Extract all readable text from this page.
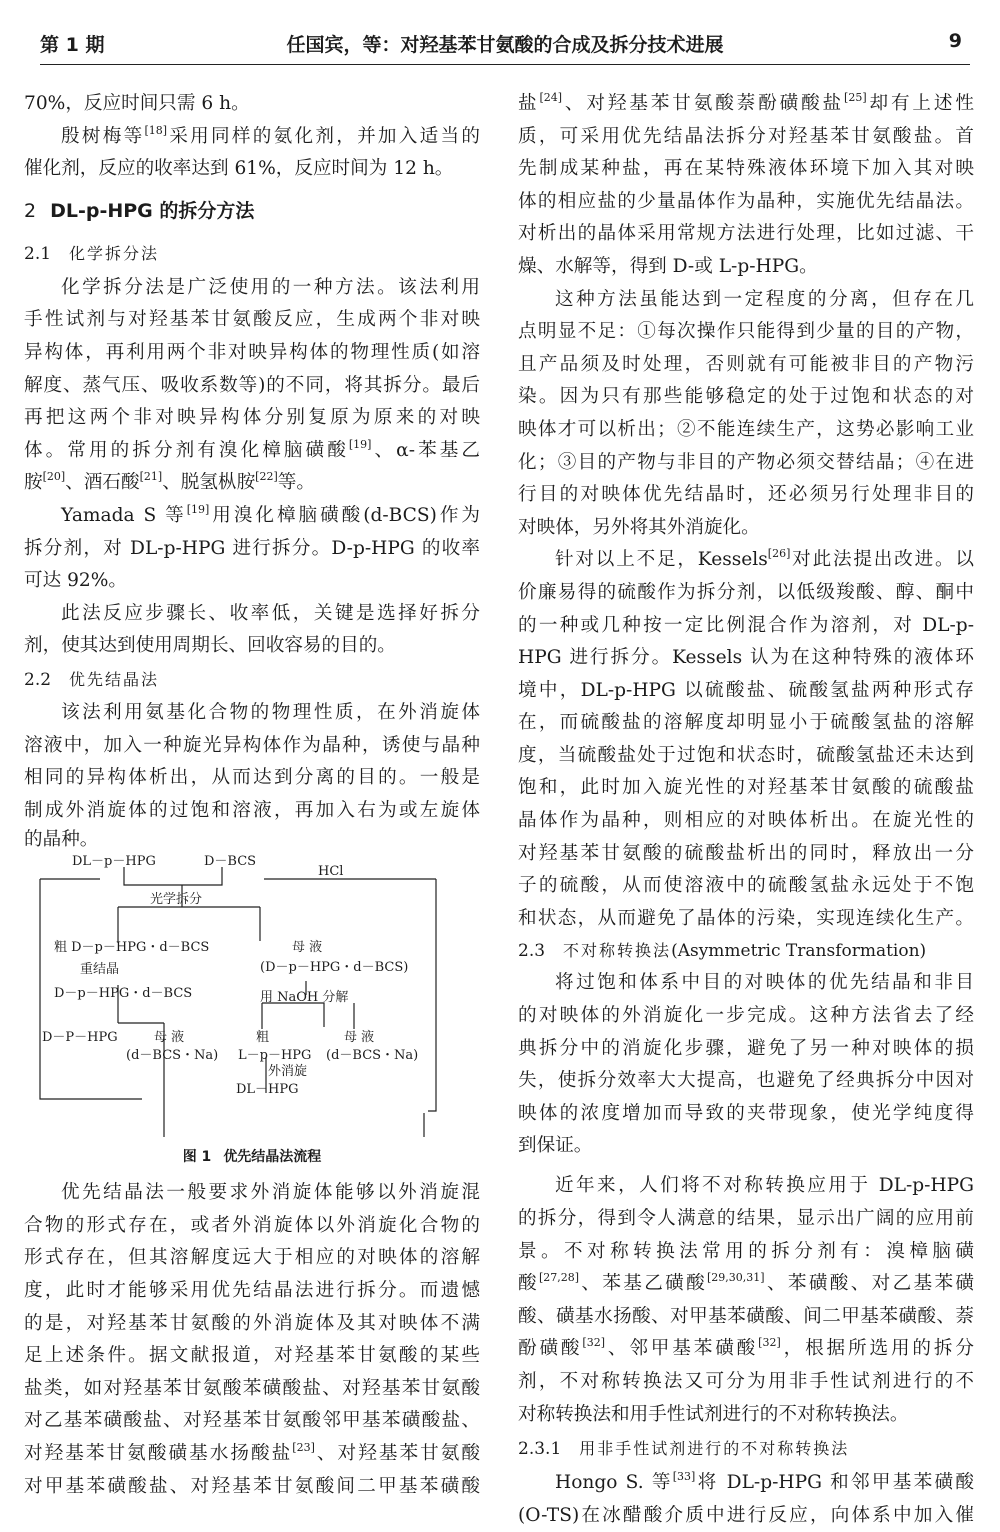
第 1 期	任国宾，等：对羟基苯甘氨酸的合成及拆分技术进展	9
70%，反应时间只需 6 h。
殷树梅等[18]采用同样的氨化剂，并加入适当的
催化剂，反应的收率达到 61%，反应时间为 12 h。
2 DL-p-HPG 的拆分方法
2.1 化学拆分法
化学拆分法是广泛使用的一种方法。该法利用
手性试剂与对羟基苯甘氨酸反应，生成两个非对映
异构体，再利用两个非对映异构体的物理性质(如溶
解度、蒸气压、吸收系数等)的不同，将其拆分。最后
再把这两个非对映异构体分别复原为原来的对映
体。常用的拆分剂有溴化樟脑磺酸[19]、α-苯基乙
胺[20]、酒石酸[21]、脱氢枞胺[22]等。
Yamada S 等[19]用溴化樟脑磺酸(d-BCS)作为
拆分剂，对 DL-p-HPG 进行拆分。D-p-HPG 的收率
可达 92%。
此法反应步骤长、收率低，关键是选择好拆分
剂，使其达到使用周期长、回收容易的目的。
2.2 优先结晶法
该法利用氨基化合物的物理性质，在外消旋体
溶液中，加入一种旋光异构体作为晶种，诱使与晶种
相同的异构体析出，从而达到分离的目的。一般是
制成外消旋体的过饱和溶液，再加入右为或左旋体
的晶种。
DL－p－HPG	D－BCS
HCl
光学拆分
粗 D－p－HPG・d－BCS	母 液
(D－p－HPG・d－BCS)
重结晶
D－p－HPG・d－BCS	用 NaOH 分解
D－P－HPG	母 液
(d－BCS・Na)
粗
L－p－HPG
母 液
(d－BCS・Na)
外消旋
DL－HPG
图 1 优先结晶法流程
优先结晶法一般要求外消旋体能够以外消旋混
合物的形式存在，或者外消旋体以外消旋化合物的
形式存在，但其溶解度远大于相应的对映体的溶解
度，此时才能够采用优先结晶法进行拆分。而遗憾
的是，对羟基苯甘氨酸的外消旋体及其对映体不满
足上述条件。据文献报道，对羟基苯甘氨酸的某些
盐类，如对羟基苯甘氨酸苯磺酸盐、对羟基苯甘氨酸
对乙基苯磺酸盐、对羟基苯甘氨酸邻甲基苯磺酸盐、
对羟基苯甘氨酸磺基水扬酸盐[23]、对羟基苯甘氨酸
对甲基苯磺酸盐、对羟基苯甘氨酸间二甲基苯磺酸
盐[24]、对羟基苯甘氨酸萘酚磺酸盐[25]却有上述性
质，可采用优先结晶法拆分对羟基苯甘氨酸盐。首
先制成某种盐，再在某特殊液体环境下加入其对映
体的相应盐的少量晶体作为晶种，实施优先结晶法。
对析出的晶体采用常规方法进行处理，比如过滤、干
燥、水解等，得到 D-或 L-p-HPG。
这种方法虽能达到一定程度的分离，但存在几
点明显不足：①每次操作只能得到少量的目的产物，
且产品须及时处理，否则就有可能被非目的产物污
染。因为只有那些能够稳定的处于过饱和状态的对
映体才可以析出；②不能连续生产，这势必影响工业
化；③目的产物与非目的产物必须交替结晶；④在进
行目的对映体优先结晶时，还必须另行处理非目的
对映体，另外将其外消旋化。
针对以上不足，Kessels[26]对此法提出改进。以
价廉易得的硫酸作为拆分剂，以低级羧酸、醇、酮中
的一种或几种按一定比例混合作为溶剂，对 DL-p-
HPG 进行拆分。Kessels 认为在这种特殊的液体环
境中，DL-p-HPG 以硫酸盐、硫酸氢盐两种形式存
在，而硫酸盐的溶解度却明显小于硫酸氢盐的溶解
度，当硫酸盐处于过饱和状态时，硫酸氢盐还未达到
饱和，此时加入旋光性的对羟基苯甘氨酸的硫酸盐
晶体作为晶种，则相应的对映体析出。在旋光性的
对羟基苯甘氨酸的硫酸盐析出的同时，释放出一分
子的硫酸，从而使溶液中的硫酸氢盐永远处于不饱
和状态，从而避免了晶体的污染，实现连续化生产。
2.3 不对称转换法(Asymmetric Transformation)
将过饱和体系中目的对映体的优先结晶和非目
的对映体的外消旋化一步完成。这种方法省去了经
典拆分中的消旋化步骤，避免了另一种对映体的损
失，使拆分效率大大提高，也避免了经典拆分中因对
映体的浓度增加而导致的夹带现象，使光学纯度得
到保证。
近年来，人们将不对称转换应用于 DL-p-HPG
的拆分，得到令人满意的结果，显示出广阔的应用前
景。不对称转换法常用的拆分剂有：溴樟脑磺
酸[27,28]、苯基乙磺酸[29,30,31]、苯磺酸、对乙基苯磺
酸、磺基水扬酸、对甲基苯磺酸、间二甲基苯磺酸、萘
酚磺酸[32]、邻甲基苯磺酸[32]，根据所选用的拆分
剂，不对称转换法又可分为用非手性试剂进行的不
对称转换法和用手性试剂进行的不对称转换法。
2.3.1 用非手性试剂进行的不对称转换法
Hongo S. 等[33]将 DL-p-HPG 和邻甲基苯磺酸
(O-TS)在冰醋酸介质中进行反应，向体系中加入催
